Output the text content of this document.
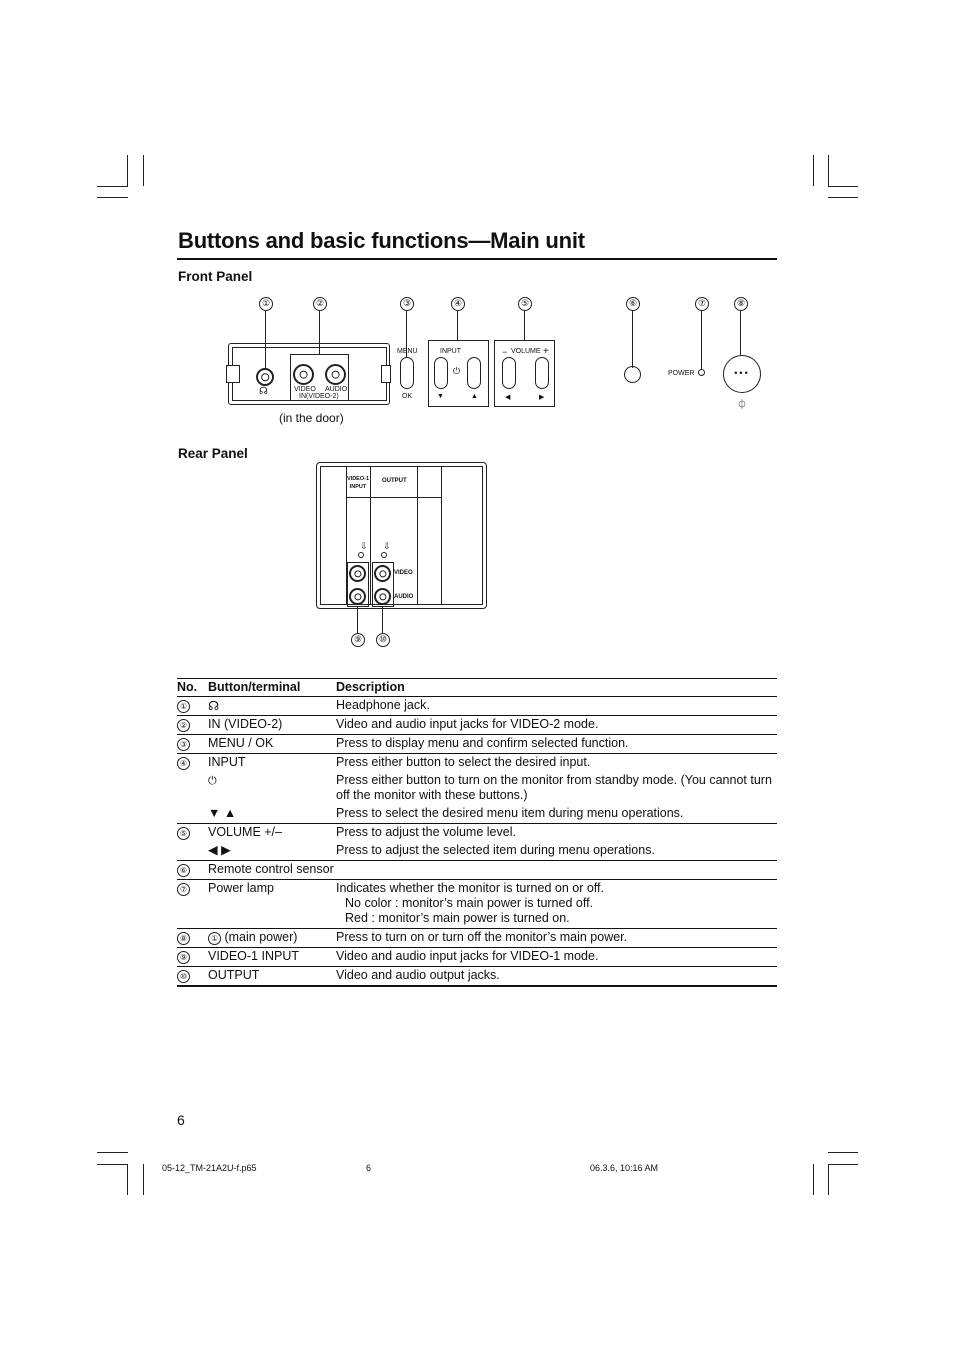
Buttons and basic functions—Main unit
Front Panel
①	②	③	④	⑤	⑥	⑦	⑧
☊	VIDEO AUDIO
IN(VIDEO-2)
MENU
OK
INPUT
⏻
▼	▲
− VOLUME +
◀	▶
POWER	•••
⏀
(in the door)
Rear Panel
VIDEO-1
INPUT
OUTPUT
⇩ ⇩
VIDEO
AUDIO
⑨	⑩
No.	Button/terminal	Description
①	☊	Headphone jack.
②	IN (VIDEO-2)	Video and audio input jacks for VIDEO-2 mode.
③	MENU / OK	Press to display menu and confirm selected function.
④	INPUT	Press either button to select the desired input.
	⏻	Press either button to turn on the monitor from standby mode. (You cannot turn off the monitor with these buttons.)
	▼ ▲	Press to select the desired menu item during menu operations.
⑤	VOLUME +/–	Press to adjust the volume level.
	◀ ▶	Press to adjust the selected item during menu operations.
⑥	Remote control sensor	
⑦	Power lamp	Indicates whether the monitor is turned on or off.
No color : monitor’s main power is turned off.
Red : monitor’s main power is turned on.

⑧	① (main power)	Press to turn on or turn off the monitor’s main power.
⑨	VIDEO-1 INPUT	Video and audio input jacks for VIDEO-1 mode.
⑩	OUTPUT	Video and audio output jacks.
6
05-12_TM-21A2U-f.p65	6	06.3.6, 10:16 AM
